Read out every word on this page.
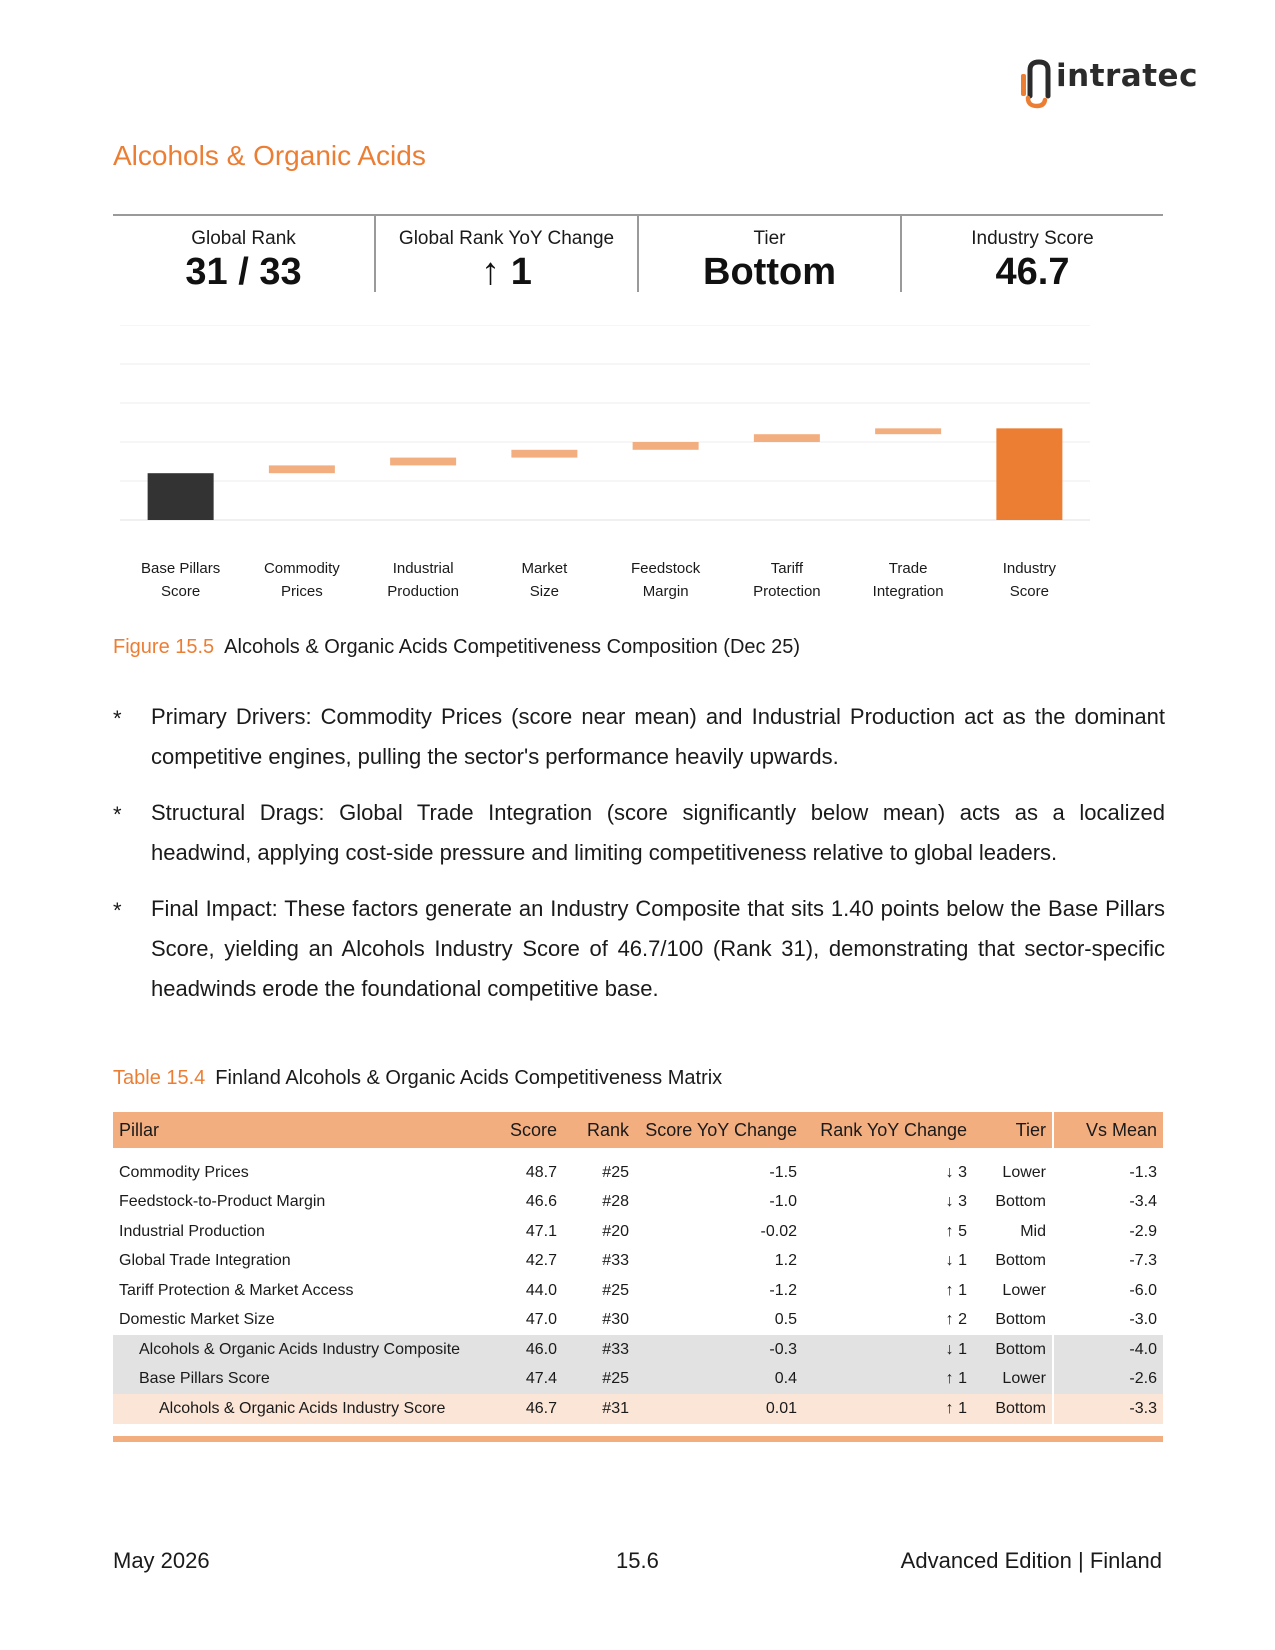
intratec
Alcohols & Organic Acids
Global Rank
31 / 33
Global Rank YoY Change
↑ 1
Tier
Bottom
Industry Score
46.7
Base Pillars
Score
Commodity
Prices
Industrial
Production
Market
Size
Feedstock
Margin
Tariff
Protection
Trade
Integration
Industry
Score
Figure 15.5 Alcohols & Organic Acids Competitiveness Composition (Dec 25)
* Primary Drivers: Commodity Prices (score near mean) and Industrial Production act as the dominant competitive engines, pulling the sector's performance heavily upwards.
* Structural Drags: Global Trade Integration (score significantly below mean) acts as a localized headwind, applying cost-side pressure and limiting competitiveness relative to global leaders.
* Final Impact: These factors generate an Industry Composite that sits 1.40 points below the Base Pillars Score, yielding an Alcohols Industry Score of 46.7/100 (Rank 31), demonstrating that sector-specific headwinds erode the foundational competitive base.
Table 15.4 Finland Alcohols & Organic Acids Competitiveness Matrix
Pillar	Score	Rank	Score YoY Change	Rank YoY Change	Tier	Vs Mean

Commodity Prices	48.7	#25	-1.5	↓ 3	Lower	-1.3
Feedstock-to-Product Margin	46.6	#28	-1.0	↓ 3	Bottom	-3.4
Industrial Production	47.1	#20	-0.02	↑ 5	Mid	-2.9
Global Trade Integration	42.7	#33	1.2	↓ 1	Bottom	-7.3
Tariff Protection & Market Access	44.0	#25	-1.2	↑ 1	Lower	-6.0
Domestic Market Size	47.0	#30	0.5	↑ 2	Bottom	-3.0
Alcohols & Organic Acids Industry Composite	46.0	#33	-0.3	↓ 1	Bottom	-4.0
Base Pillars Score	47.4	#25	0.4	↑ 1	Lower	-2.6
Alcohols & Organic Acids Industry Score	46.7	#31	0.01	↑ 1	Bottom	-3.3
May 2026	15.6	Advanced Edition | Finland
